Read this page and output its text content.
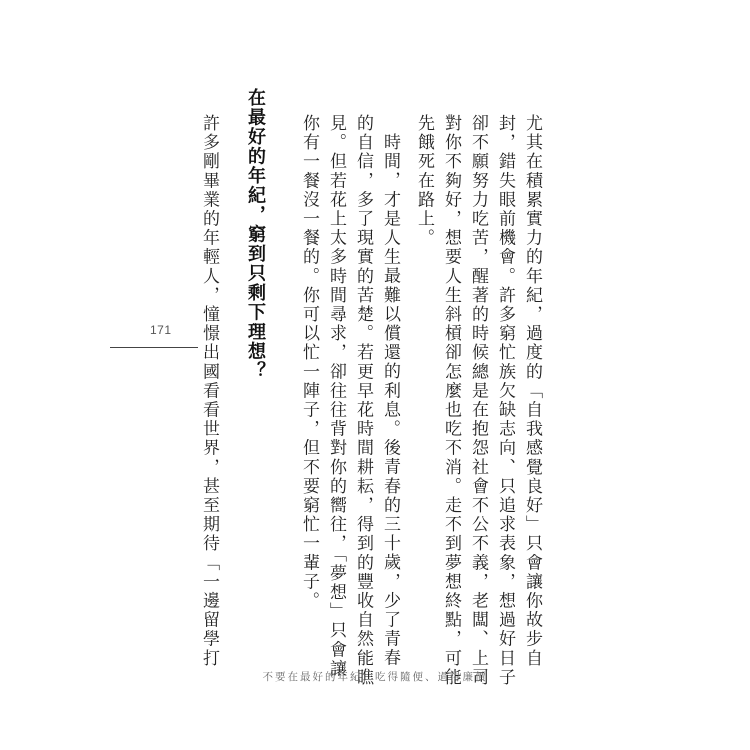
尤其在積累實力的年紀，過度的「自我感覺良好」只會讓你故步自
封，錯失眼前機會。許多窮忙族欠缺志向、只追求表象，想過好日子
卻不願努力吃苦，醒著的時候總是在抱怨社會不公不義，老闆、上司
對你不夠好，想要人生斜槓卻怎麼也吃不消。走不到夢想終點，可能
先餓死在路上。
時間，才是人生最難以償還的利息。後青春的三十歲，少了青春
的自信，多了現實的苦楚。若更早花時間耕耘，得到的豐收自然能瞧
見。但若花上太多時間尋求，卻往往背對你的嚮往，「夢想」只會讓
你有一餐沒一餐的。你可以忙一陣子，但不要窮忙一輩子。
在最好的年紀，窮到只剩下理想？
許多剛畢業的年輕人，憧憬出國看看世界，甚至期待「一邊留學打
171
不要在最好的年紀，吃得隨便、過得廉價
